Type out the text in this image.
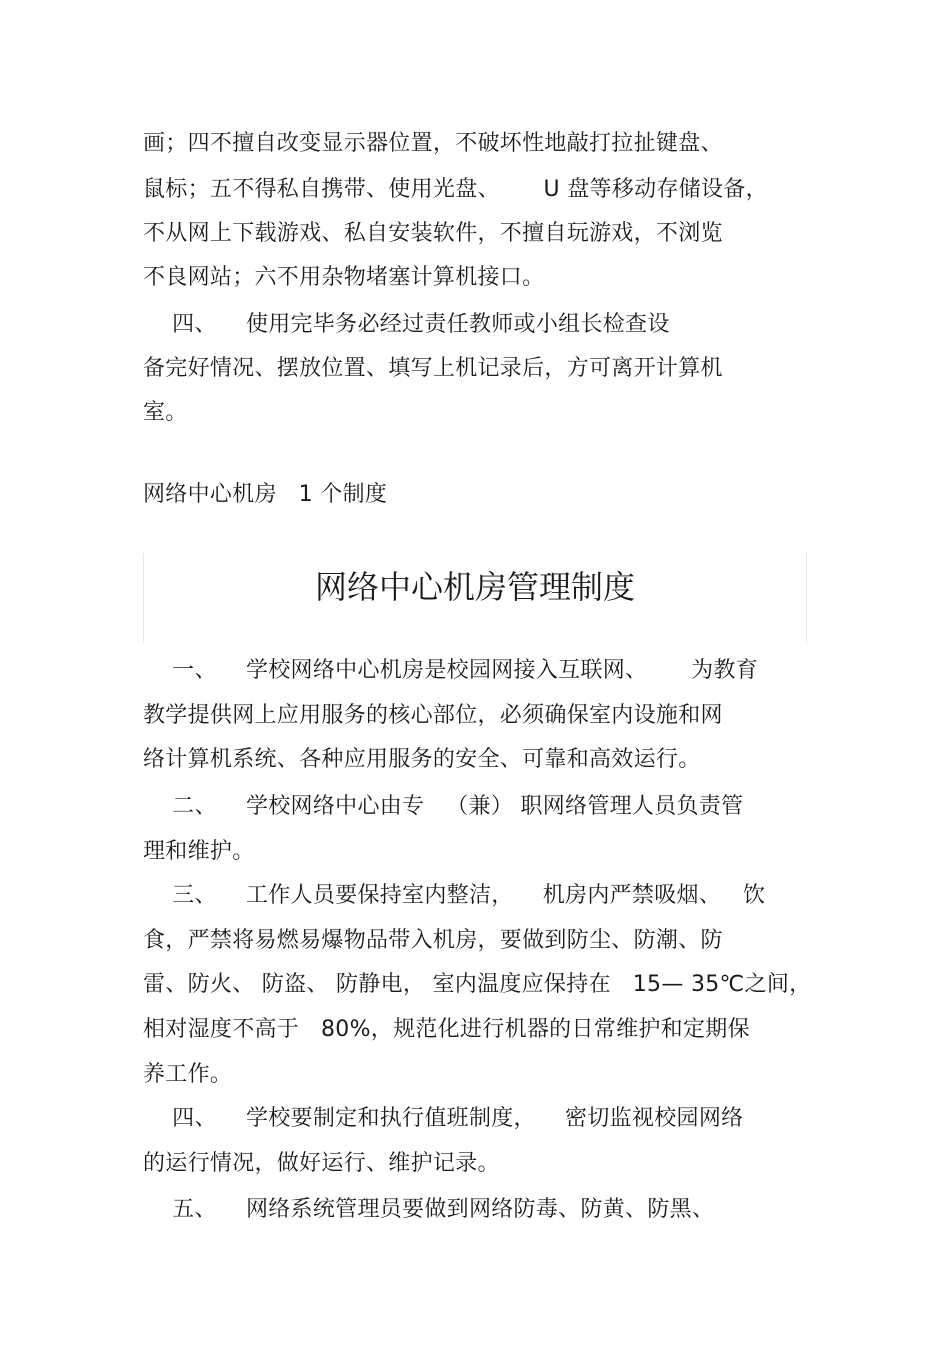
画；四不擅自改变显示器位置，不破坏性地敲打拉扯键盘、
鼠标；五不得私自携带、使用光盘、      U 盘等移动存储设备，
不从网上下载游戏、私自安装软件，不擅自玩游戏，不浏览
不良网站；六不用杂物堵塞计算机接口。
四、    使用完毕务必经过责任教师或小组长检查设
备完好情况、摆放位置、填写上机记录后，方可离开计算机
室。
网络中心机房   1 个制度
网络中心机房管理制度
一、    学校网络中心机房是校园网接入互联网、      为教育
教学提供网上应用服务的核心部位，必须确保室内设施和网
络计算机系统、各种应用服务的安全、可靠和高效运行。
二、    学校网络中心由专   （兼） 职网络管理人员负责管
理和维护。
三、    工作人员要保持室内整洁，    机房内严禁吸烟、   饮
食，严禁将易燃易爆物品带入机房，要做到防尘、防潮、防
雷、防火、 防盗、 防静电， 室内温度应保持在   15— 35℃之间，
相对湿度不高于   80%，规范化进行机器的日常维护和定期保
养工作。
四、    学校要制定和执行值班制度，    密切监视校园网络
的运行情况，做好运行、维护记录。
五、    网络系统管理员要做到网络防毒、防黄、防黑、
